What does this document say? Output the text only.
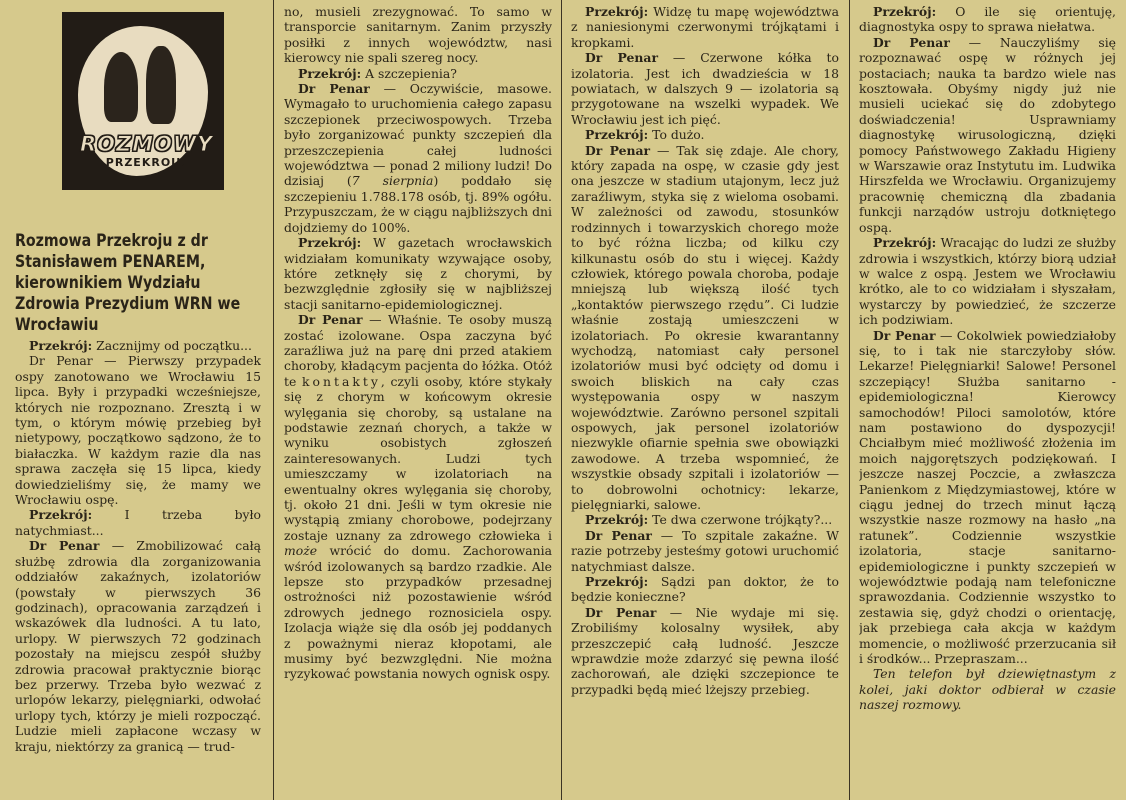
ROZMOWY
PRZEKROJU
Rozmowa Przekroju z dr Stanisławem PENAREM, kierownikiem Wydziału Zdrowia Prezydium WRN we Wrocławiu

Przekrój: Zacznijmy od początku...

Dr Penar — Pierwszy przypadek ospy zanotowano we Wrocławiu 15 lipca. Były i przypadki wcześniejsze, których nie rozpoznano. Zresztą i w tym, o którym mówię przebieg był nietypowy, początkowo sądzono, że to białaczka. W każdym razie dla nas sprawa zaczęła się 15 lipca, kiedy dowiedzieliśmy się, że mamy we Wrocławiu ospę.

Przekrój: I trzeba było natychmiast...

Dr Penar — Zmobilizować całą służbę zdrowia dla zorganizowania oddziałów zakaźnych, izolatoriów (powstały w pierwszych 36 godzinach), opracowania zarządzeń i wskazówek dla ludności. A tu lato, urlopy. W pierwszych 72 godzinach pozostały na miejscu zespół służby zdrowia pracował praktycznie biorąc bez przerwy. Trzeba było wezwać z urlopów lekarzy, pielęgniarki, odwołać urlopy tych, którzy je mieli rozpocząć. Ludzie mieli zapłacone wczasy w kraju, niektórzy za granicą — trud-

no, musieli zrezygnować. To samo w transporcie sanitarnym. Zanim przyszły posiłki z innych województw, nasi kierowcy nie spali szereg nocy.

Przekrój: A szczepienia?

Dr Penar — Oczywiście, masowe. Wymagało to uruchomienia całego zapasu szczepionek przeciwospowych. Trzeba było zorganizować punkty szczepień dla przeszczepienia całej ludności województwa — ponad 2 miliony ludzi! Do dzisiaj (7 sierpnia) poddało się szczepieniu 1.788.178 osób, tj. 89% ogółu. Przypuszczam, że w ciągu najbliższych dni dojdziemy do 100%.

Przekrój: W gazetach wrocławskich widziałam komunikaty wzywające osoby, które zetknęły się z chorymi, by bezwzględnie zgłosiły się w najbliższej stacji sanitarno-epidemiologicznej.

Dr Penar — Właśnie. Te osoby muszą zostać izolowane. Ospa zaczyna być zaraźliwa już na parę dni przed atakiem choroby, kładącym pacjenta do łóżka. Otóż te kontakty, czyli osoby, które stykały się z chorym w końcowym okresie wylęgania się choroby, są ustalane na podstawie zeznań chorych, a także w wyniku osobistych zgłoszeń zainteresowanych. Ludzi tych umieszczamy w izolatoriach na ewentualny okres wylęgania się choroby, tj. około 21 dni. Jeśli w tym okresie nie wystąpią zmiany chorobowe, podejrzany zostaje uznany za zdrowego człowieka i może wrócić do domu. Zachorowania wśród izolowanych są bardzo rzadkie. Ale lepsze sto przypadków przesadnej ostrożności niż pozostawienie wśród zdrowych jednego roznosiciela ospy. Izolacja wiąże się dla osób jej poddanych z poważnymi nieraz kłopotami, ale musimy być bezwzględni. Nie można ryzykować powstania nowych ognisk ospy.

Przekrój: Widzę tu mapę województwa z naniesionymi czerwonymi trójkątami i kropkami.

Dr Penar — Czerwone kółka to izolatoria. Jest ich dwadzieścia w 18 powiatach, w dalszych 9 — izolatoria są przygotowane na wszelki wypadek. We Wrocławiu jest ich pięć.

Przekrój: To dużo.

Dr Penar — Tak się zdaje. Ale chory, który zapada na ospę, w czasie gdy jest ona jeszcze w stadium utajonym, lecz już zaraźliwym, styka się z wieloma osobami. W zależności od zawodu, stosunków rodzinnych i towarzyskich chorego może to być różna liczba; od kilku czy kilkunastu osób do stu i więcej. Każdy człowiek, którego powala choroba, podaje mniejszą lub większą ilość tych „kontaktów pierwszego rzędu”. Ci ludzie właśnie zostają umieszczeni w izolatoriach. Po okresie kwarantanny wychodzą, natomiast cały personel izolatoriów musi być odcięty od domu i swoich bliskich na cały czas występowania ospy w naszym województwie. Zarówno personel szpitali ospowych, jak personel izolatoriów niezwykle ofiarnie spełnia swe obowiązki zawodowe. A trzeba wspomnieć, że wszystkie obsady szpitali i izolatoriów — to dobrowolni ochotnicy: lekarze, pielęgniarki, salowe.

Przekrój: Te dwa czerwone trójkąty?...

Dr Penar — To szpitale zakaźne. W razie potrzeby jesteśmy gotowi uruchomić natychmiast dalsze.

Przekrój: Sądzi pan doktor, że to będzie konieczne?

Dr Penar — Nie wydaje mi się. Zrobiliśmy kolosalny wysiłek, aby przeszczepić całą ludność. Jeszcze wprawdzie może zdarzyć się pewna ilość zachorowań, ale dzięki szczepionce te przypadki będą mieć lżejszy przebieg.

Przekrój: O ile się orientuję, diagnostyka ospy to sprawa niełatwa.

Dr Penar — Nauczyliśmy się rozpoznawać ospę w różnych jej postaciach; nauka ta bardzo wiele nas kosztowała. Obyśmy nigdy już nie musieli uciekać się do zdobytego doświadczenia! Usprawniamy diagnostykę wirusologiczną, dzięki pomocy Państwowego Zakładu Higieny w Warszawie oraz Instytutu im. Ludwika Hirszfelda we Wrocławiu. Organizujemy pracownię chemiczną dla zbadania funkcji narządów ustroju dotkniętego ospą.

Przekrój: Wracając do ludzi ze służby zdrowia i wszystkich, którzy biorą udział w walce z ospą. Jestem we Wrocławiu krótko, ale to co widziałam i słyszałam, wystarczy by powiedzieć, że szczerze ich podziwiam.

Dr Penar — Cokolwiek powiedziałoby się, to i tak nie starczyłoby słów. Lekarze! Pielęgniarki! Salowe! Personel szczepiący! Służba sanitarno - epidemiologiczna! Kierowcy samochodów! Piloci samolotów, które nam postawiono do dyspozycji! Chciałbym mieć możliwość złożenia im moich najgorętszych podziękowań. I jeszcze naszej Poczcie, a zwłaszcza Panienkom z Międzymiastowej, które w ciągu jednej do trzech minut łączą wszystkie nasze rozmowy na hasło „na ratunek”. Codziennie wszystkie izolatoria, stacje sanitarno-epidemiologiczne i punkty szczepień w województwie podają nam telefoniczne sprawozdania. Codziennie wszystko to zestawia się, gdyż chodzi o orientację, jak przebiega cała akcja w każdym momencie, o możliwość przerzucania sił i środków... Przepraszam...

Ten telefon był dziewiętnastym z kolei, jaki doktor odbierał w czasie naszej rozmowy.
